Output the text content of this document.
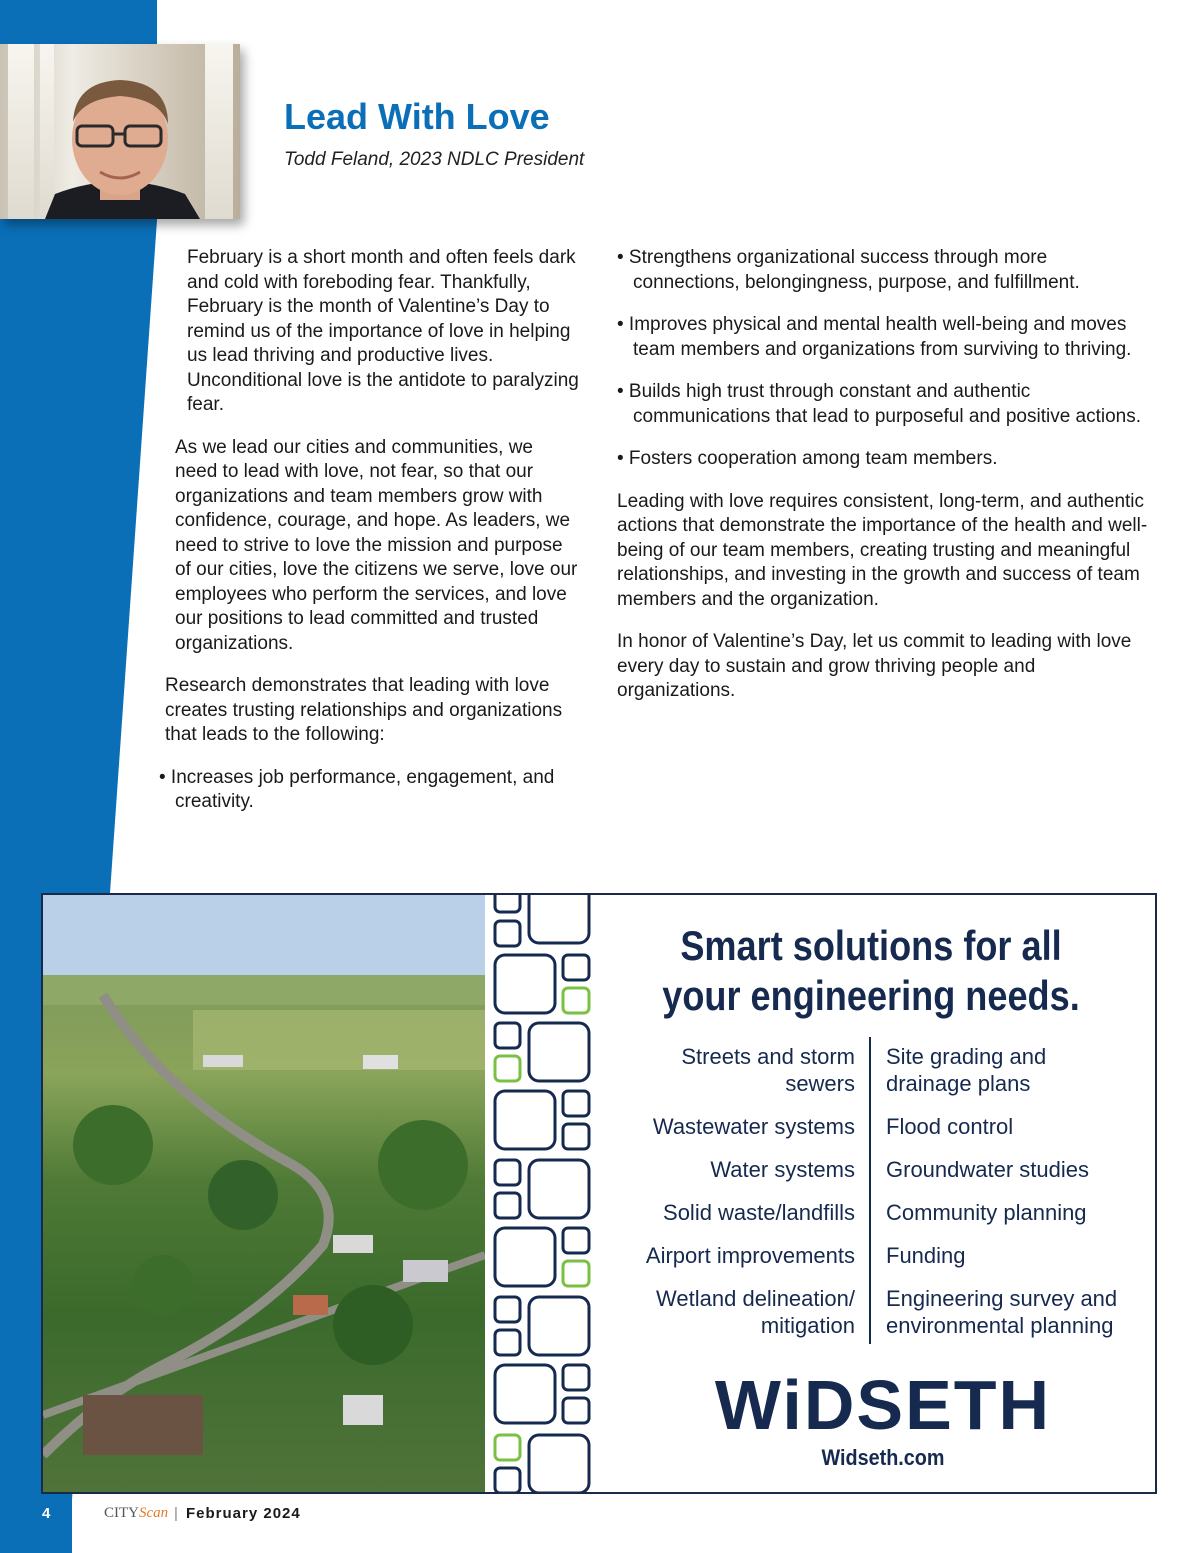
Lead With Love

Todd Feland, 2023 NDLC President

February is a short month and often feels dark and cold with foreboding fear. Thankfully, February is the month of Valentine’s Day to remind us of the importance of love in helping us lead thriving and productive lives. Unconditional love is the antidote to paralyzing fear.

As we lead our cities and communities, we need to lead with love, not fear, so that our organizations and team members grow with confidence, courage, and hope. As leaders, we need to strive to love the mission and purpose of our cities, love the citizens we serve, love our employees who perform the services, and love our positions to lead committed and trusted organizations.

Research demonstrates that leading with love creates trusting relationships and organizations that leads to the following:

• Increases job performance, engagement, and creativity.

• Strengthens organizational success through more connections, belongingness, purpose, and fulfillment.

• Improves physical and mental health well-being and moves team members and organizations from surviving to thriving.

• Builds high trust through constant and authentic communications that lead to purposeful and positive actions.

• Fosters cooperation among team members.

Leading with love requires consistent, long-term, and authentic actions that demonstrate the importance of the health and well-being of our team members, creating trusting and meaningful relationships, and investing in the growth and success of team members and the organization.

In honor of Valentine’s Day, let us commit to leading with love every day to sustain and grow thriving people and organizations.

Smart solutions for all
your engineering needs.
Streets and storm sewers
Wastewater systems
Water systems
Solid waste/landfills
Airport improvements
Wetland delineation/ mitigation
Site grading and drainage plans
Flood control
Groundwater studies
Community planning
Funding
Engineering survey and environmental planning
WiDSETH
Widseth.com
4	CITYScan | February 2024
